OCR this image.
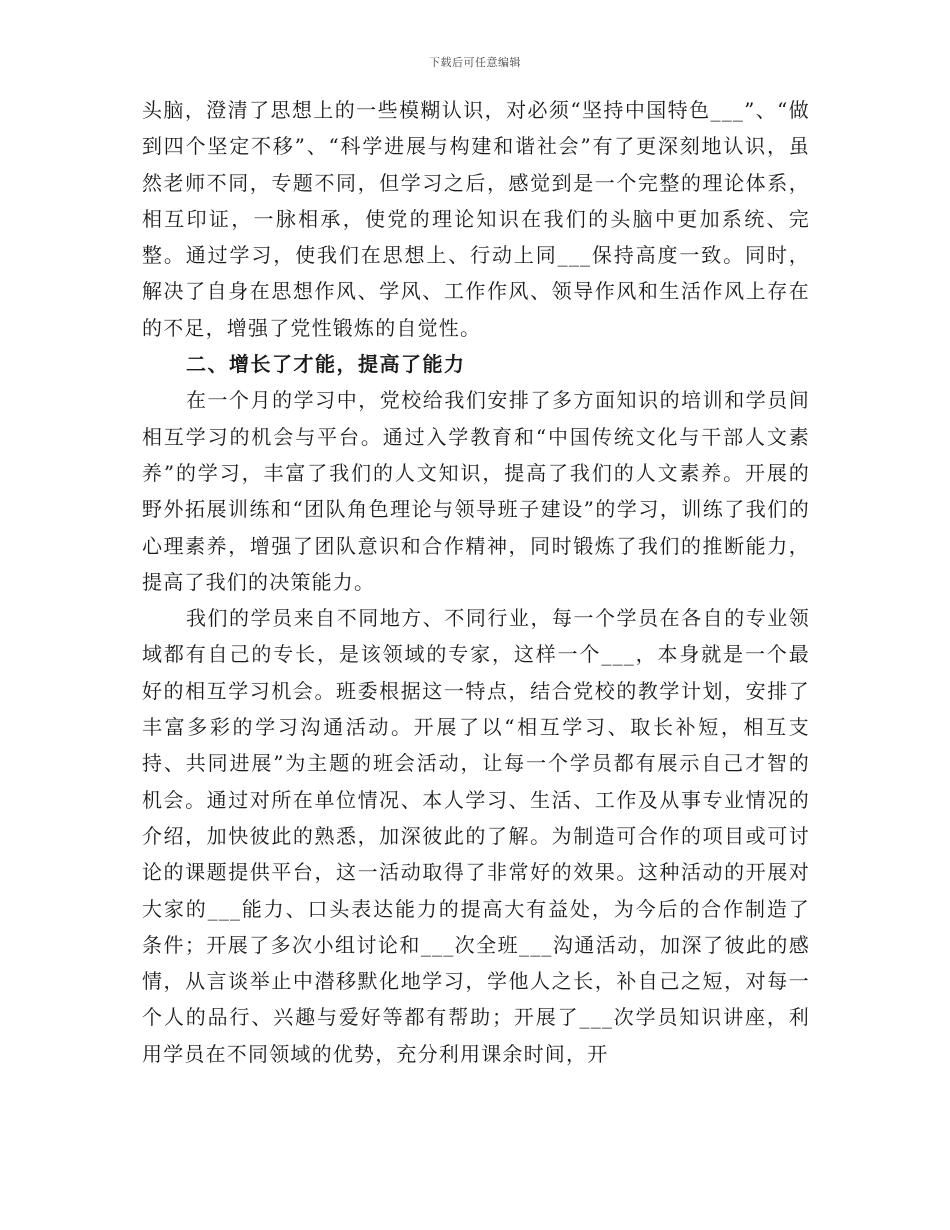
下载后可任意编辑

头脑，澄清了思想上的一些模糊认识，对必须“坚持中国特色___”、“做到四个坚定不移”、“科学进展与构建和谐社会”有了更深刻地认识，虽然老师不同，专题不同，但学习之后，感觉到是一个完整的理论体系，相互印证，一脉相承，使党的理论知识在我们的头脑中更加系统、完整。通过学习，使我们在思想上、行动上同___保持高度一致。同时，解决了自身在思想作风、学风、工作作风、领导作风和生活作风上存在的不足，增强了党性锻炼的自觉性。

二、增长了才能，提高了能力

在一个月的学习中，党校给我们安排了多方面知识的培训和学员间相互学习的机会与平台。通过入学教育和“中国传统文化与干部人文素养”的学习，丰富了我们的人文知识，提高了我们的人文素养。开展的野外拓展训练和“团队角色理论与领导班子建设”的学习，训练了我们的心理素养，增强了团队意识和合作精神，同时锻炼了我们的推断能力，提高了我们的决策能力。

我们的学员来自不同地方、不同行业，每一个学员在各自的专业领域都有自己的专长，是该领域的专家，这样一个___，本身就是一个最好的相互学习机会。班委根据这一特点，结合党校的教学计划，安排了丰富多彩的学习沟通活动。开展了以“相互学习、取长补短，相互支持、共同进展”为主题的班会活动，让每一个学员都有展示自己才智的机会。通过对所在单位情况、本人学习、生活、工作及从事专业情况的介绍，加快彼此的熟悉，加深彼此的了解。为制造可合作的项目或可讨论的课题提供平台，这一活动取得了非常好的效果。这种活动的开展对大家的___能力、口头表达能力的提高大有益处，为今后的合作制造了条件；开展了多次小组讨论和___次全班___沟通活动，加深了彼此的感情，从言谈举止中潜移默化地学习，学他人之长，补自己之短，对每一个人的品行、兴趣与爱好等都有帮助；开展了___次学员知识讲座，利用学员在不同领域的优势，充分利用课余时间，开
